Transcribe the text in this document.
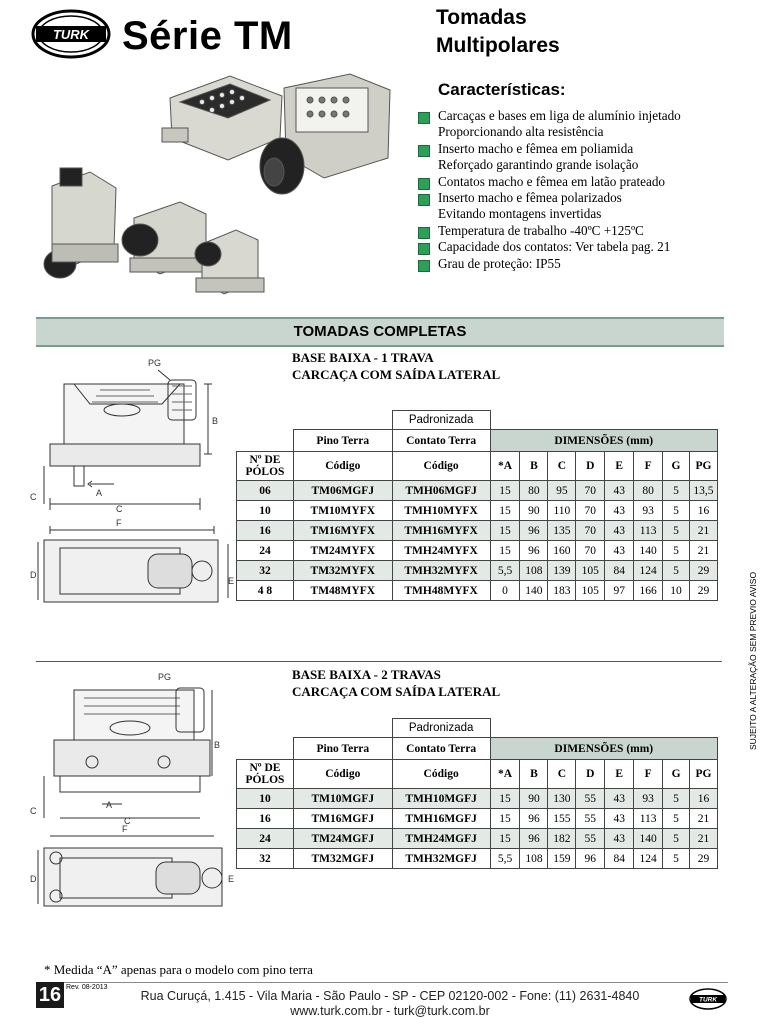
TURK Série TM	Tomadas
Multipolares
Características:
Carcaças e bases em liga de alumínio injetado
Proporcionando alta resistência
Inserto macho e fêmea em poliamida
Reforçado garantindo grande isolação
Contatos macho e fêmea em latão prateado
Inserto macho e fêmea polarizados
Evitando montagens invertidas
Temperatura de trabalho -40ºC +125ºC
Capacidade dos contatos: Ver tabela pag. 21
Grau de proteção: IP55
TOMADAS COMPLETAS
BASE BAIXA - 1 TRAVA
CARCAÇA COM SAÍDA LATERAL
PG
B
A
C
C
F
D
E
		Padronizada								
	Pino Terra	Contato Terra	DIMENSÕES (mm)							
Nº DE
PÓLOS	Código	Código	*A	B	C	D	E	F	G	PG
06	TM06MGFJ	TMH06MGFJ	15	80	95	70	43	80	5	13,5
10	TM10MYFX	TMH10MYFX	15	90	110	70	43	93	5	16
16	TM16MYFX	TMH16MYFX	15	96	135	70	43	113	5	21
24	TM24MYFX	TMH24MYFX	15	96	160	70	43	140	5	21
32	TM32MYFX	TMH32MYFX	5,5	108	139	105	84	124	5	29
4 8	TM48MYFX	TMH48MYFX	0	140	183	105	97	166	10	29
BASE BAIXA - 2 TRAVAS
CARCAÇA COM SAÍDA LATERAL
PG
B
A
C
C
F
D	E
		Padronizada								
	Pino Terra	Contato Terra	DIMENSÕES (mm)							
Nº DE
PÓLOS	Código	Código	*A	B	C	D	E	F	G	PG
10	TM10MGFJ	TMH10MGFJ	15	90	130	55	43	93	5	16
16	TM16MGFJ	TMH16MGFJ	15	96	155	55	43	113	5	21
24	TM24MGFJ	TMH24MGFJ	15	96	182	55	43	140	5	21
32	TM32MGFJ	TMH32MGFJ	5,5	108	159	96	84	124	5	29
SUJEITO A ALTERAÇÃO SEM PREVIO AVISO
* Medida “A” apenas para o modelo com pino terra
16 Rev. 08-2013
Rua Curuçá, 1.415 - Vila Maria - São Paulo - SP - CEP 02120-002 - Fone: (11) 2631-4840
www.turk.com.br - turk@turk.com.br
TURK
